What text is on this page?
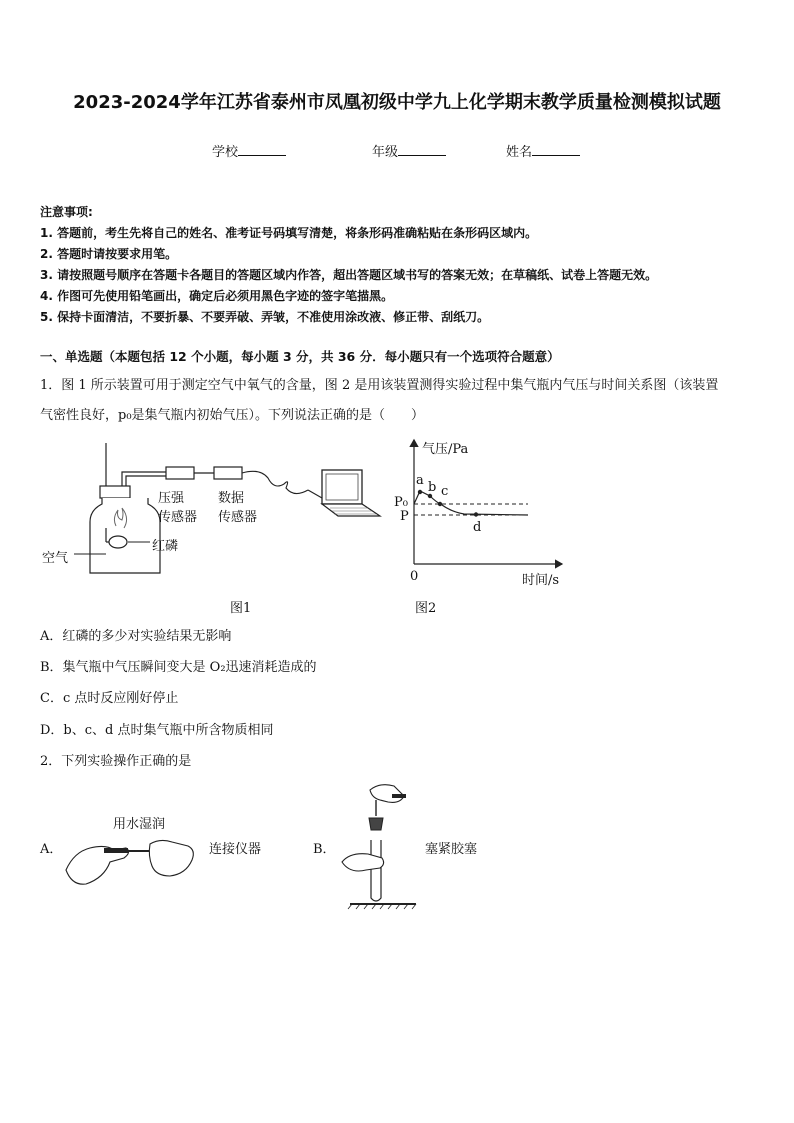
2023-2024学年江苏省泰州市凤凰初级中学九上化学期末教学质量检测模拟试题
学校	年级	姓名
注意事项:
1. 答题前，考生先将自己的姓名、准考证号码填写清楚，将条形码准确粘贴在条形码区域内。
2. 答题时请按要求用笔。
3. 请按照题号顺序在答题卡各题目的答题区域内作答，超出答题区域书写的答案无效；在草稿纸、试卷上答题无效。
4. 作图可先使用铅笔画出，确定后必须用黑色字迹的签字笔描黑。
5. 保持卡面清洁，不要折暴、不要弄破、弄皱，不准使用涂改液、修正带、刮纸刀。
一、单选题（本题包括 12 个小题，每小题 3 分，共 36 分．每小题只有一个选项符合题意）
1．图 1 所示装置可用于测定空气中氧气的含量，图 2 是用该装置测得实验过程中集气瓶内气压与时间关系图（该装置
气密性良好，p₀是集气瓶内初始气压）。下列说法正确的是（　　）
压强
传感器
数据
传感器
红磷
空气
图1
气压/Pa
时间/s
0
P₀
P
a b c
d
图2
A．红磷的多少对实验结果无影响
B．集气瓶中气压瞬间变大是 O₂迅速消耗造成的
C．c 点时反应刚好停止
D．b、c、d 点时集气瓶中所含物质相同
2．下列实验操作正确的是
A．
用水湿润
连接仪器	B．	塞紧胶塞
